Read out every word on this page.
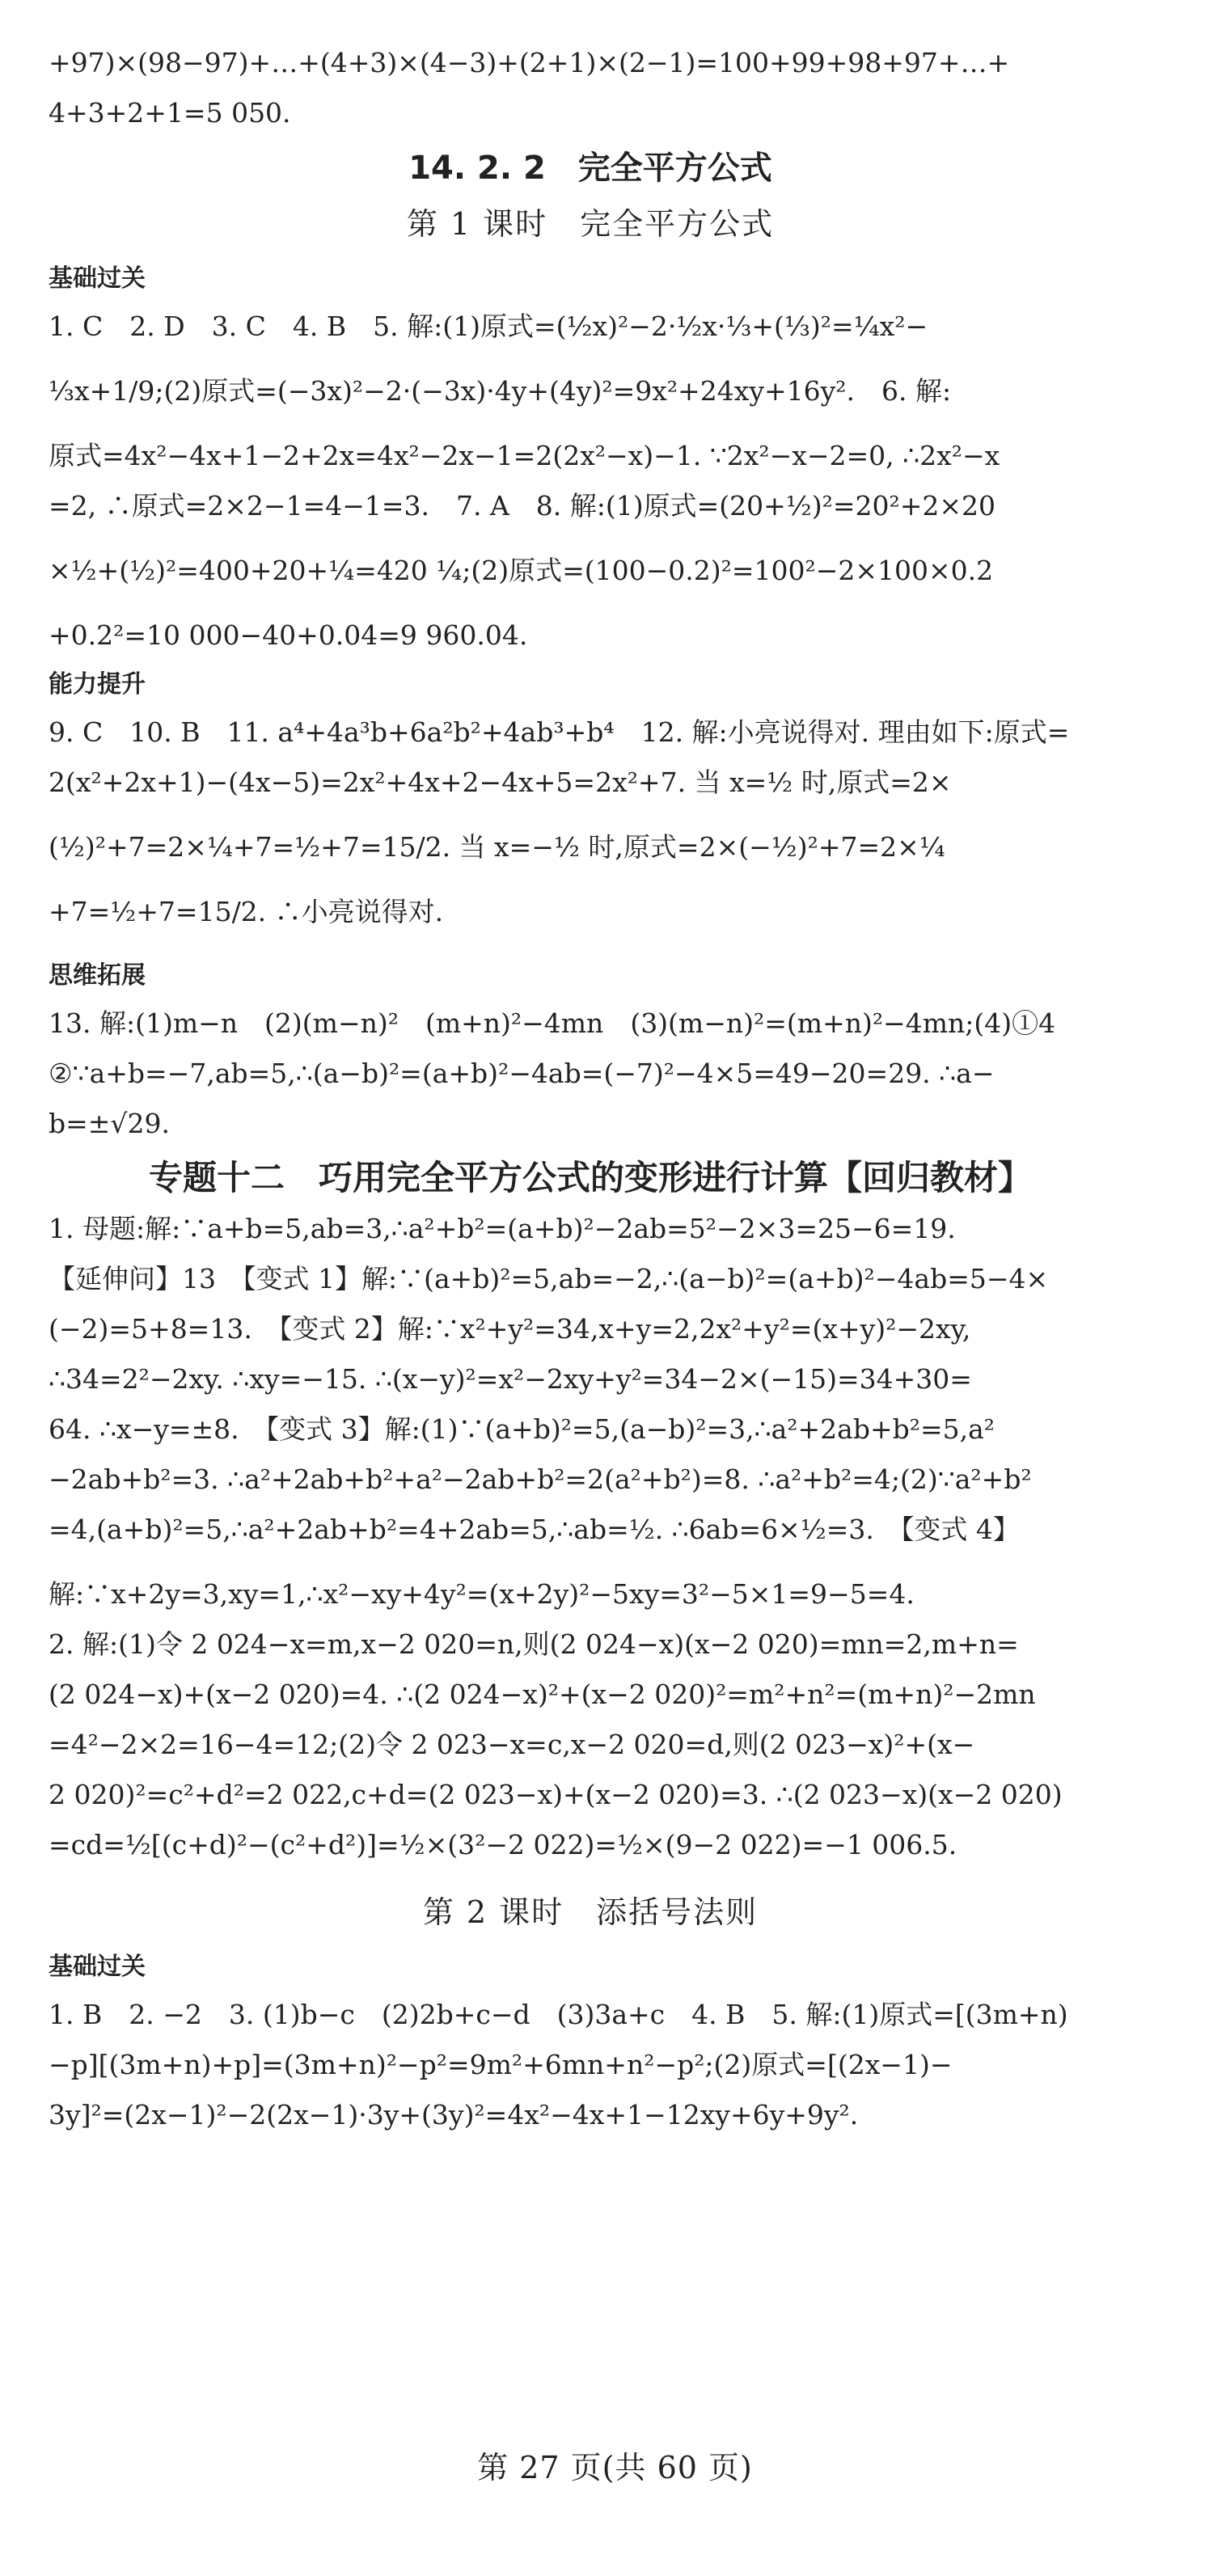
+97)×(98−97)+…+(4+3)×(4−3)+(2+1)×(2−1)=100+99+98+97+…+
4+3+2+1=5 050.
14. 2. 2　完全平方公式
第 1 课时　完全平方公式
基础过关
1. C　2. D　3. C　4. B　5. 解:(1)原式=(½x)²−2·½x·⅓+(⅓)²=¼x²−
⅓x+1/9;(2)原式=(−3x)²−2·(−3x)·4y+(4y)²=9x²+24xy+16y².　6. 解:
原式=4x²−4x+1−2+2x=4x²−2x−1=2(2x²−x)−1. ∵2x²−x−2=0, ∴2x²−x
=2, ∴原式=2×2−1=4−1=3.　7. A　8. 解:(1)原式=(20+½)²=20²+2×20
×½+(½)²=400+20+¼=420 ¼;(2)原式=(100−0.2)²=100²−2×100×0.2
+0.2²=10 000−40+0.04=9 960.04.
能力提升
9. C　10. B　11. a⁴+4a³b+6a²b²+4ab³+b⁴　12. 解:小亮说得对. 理由如下:原式=
2(x²+2x+1)−(4x−5)=2x²+4x+2−4x+5=2x²+7. 当 x=½ 时,原式=2×
(½)²+7=2×¼+7=½+7=15/2. 当 x=−½ 时,原式=2×(−½)²+7=2×¼
+7=½+7=15/2. ∴小亮说得对.
思维拓展
13. 解:(1)m−n　(2)(m−n)²　(m+n)²−4mn　(3)(m−n)²=(m+n)²−4mn;(4)①4
②∵a+b=−7,ab=5,∴(a−b)²=(a+b)²−4ab=(−7)²−4×5=49−20=29. ∴a−
b=±√29.
专题十二　巧用完全平方公式的变形进行计算【回归教材】
1. 母题:解:∵a+b=5,ab=3,∴a²+b²=(a+b)²−2ab=5²−2×3=25−6=19.
【延伸问】13　【变式 1】解:∵(a+b)²=5,ab=−2,∴(a−b)²=(a+b)²−4ab=5−4×
(−2)=5+8=13.　【变式 2】解:∵x²+y²=34,x+y=2,2x²+y²=(x+y)²−2xy,
∴34=2²−2xy. ∴xy=−15. ∴(x−y)²=x²−2xy+y²=34−2×(−15)=34+30=
64. ∴x−y=±8.　【变式 3】解:(1)∵(a+b)²=5,(a−b)²=3,∴a²+2ab+b²=5,a²
−2ab+b²=3. ∴a²+2ab+b²+a²−2ab+b²=2(a²+b²)=8. ∴a²+b²=4;(2)∵a²+b²
=4,(a+b)²=5,∴a²+2ab+b²=4+2ab=5,∴ab=½. ∴6ab=6×½=3.　【变式 4】
解:∵x+2y=3,xy=1,∴x²−xy+4y²=(x+2y)²−5xy=3²−5×1=9−5=4.
2. 解:(1)令 2 024−x=m,x−2 020=n,则(2 024−x)(x−2 020)=mn=2,m+n=
(2 024−x)+(x−2 020)=4. ∴(2 024−x)²+(x−2 020)²=m²+n²=(m+n)²−2mn
=4²−2×2=16−4=12;(2)令 2 023−x=c,x−2 020=d,则(2 023−x)²+(x−
2 020)²=c²+d²=2 022,c+d=(2 023−x)+(x−2 020)=3. ∴(2 023−x)(x−2 020)
=cd=½[(c+d)²−(c²+d²)]=½×(3²−2 022)=½×(9−2 022)=−1 006.5.
第 2 课时　添括号法则
基础过关
1. B　2. −2　3. (1)b−c　(2)2b+c−d　(3)3a+c　4. B　5. 解:(1)原式=[(3m+n)
−p][(3m+n)+p]=(3m+n)²−p²=9m²+6mn+n²−p²;(2)原式=[(2x−1)−
3y]²=(2x−1)²−2(2x−1)·3y+(3y)²=4x²−4x+1−12xy+6y+9y².
第 27 页(共 60 页)
